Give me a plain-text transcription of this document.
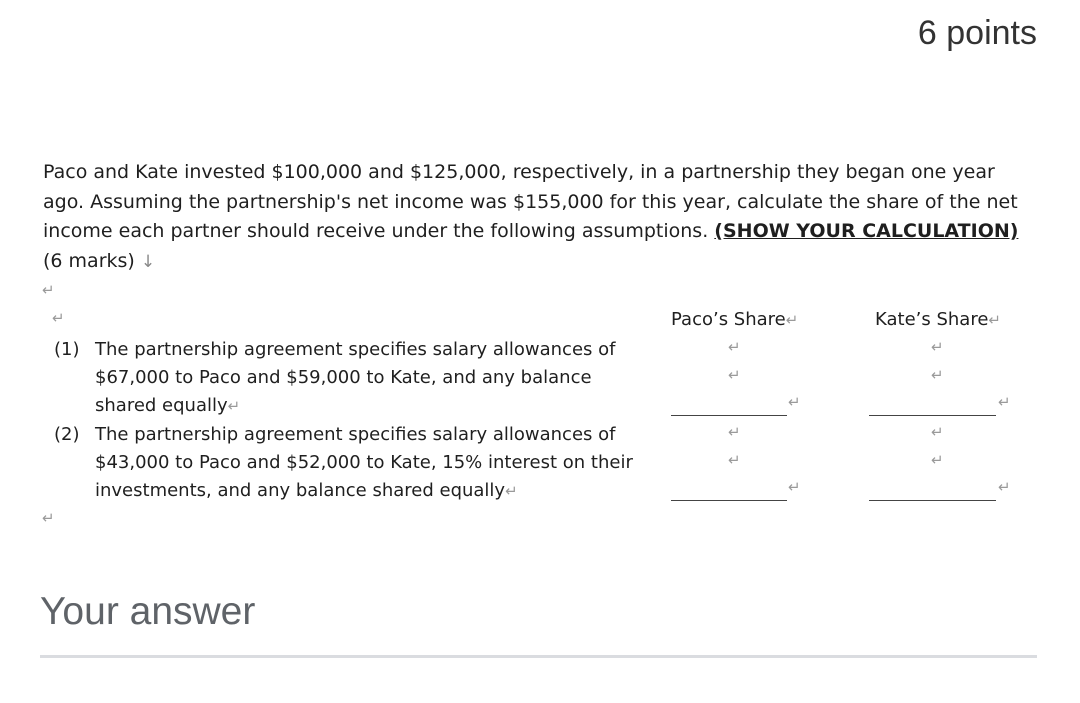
6 points
Paco and Kate invested $100,000 and $125,000, respectively, in a partnership they began one year ago. Assuming the partnership's net income was $155,000 for this year, calculate the share of the net income each partner should receive under the following assumptions. (SHOW YOUR CALCULATION) (6 marks) ↓
↵
↵	Paco’s Share↵	Kate’s Share↵
(1) The partnership agreement specifies salary allowances of $67,000 to Paco and $59,000 to Kate, and any balance shared equally↵
(2) The partnership agreement specifies salary allowances of $43,000 to Paco and $52,000 to Kate, 15% interest on their investments, and any balance shared equally↵
↵
↵
↵
↵
↵
↵
↵
↵
↵
↵
↵
↵
↵
Your answer
